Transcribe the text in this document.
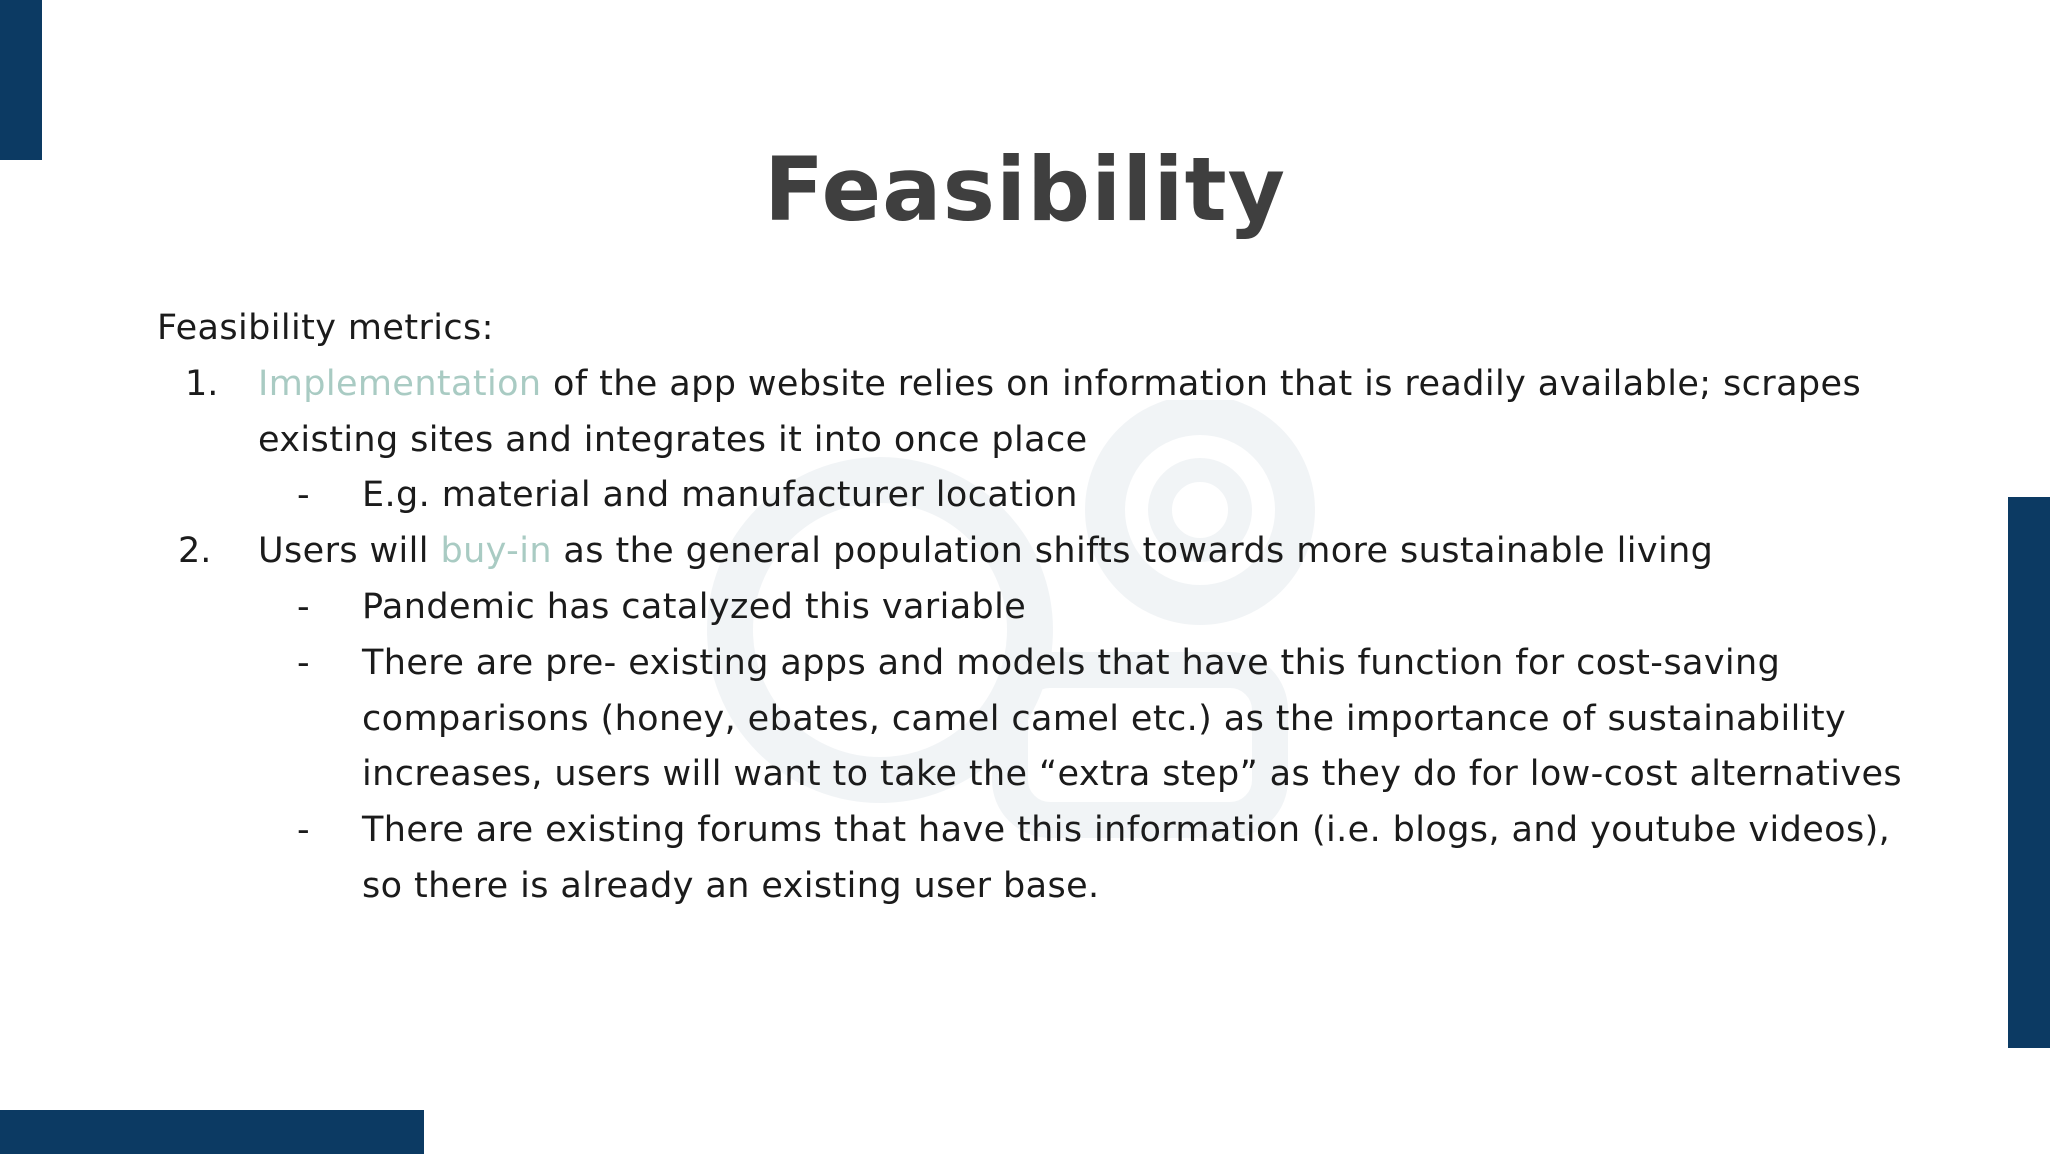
Feasibility
Feasibility metrics:
1. Implementation of the app website relies on information that is readily available; scrapes
existing sites and integrates it into once place
- E.g. material and manufacturer location
2. Users will buy-in as the general population shifts towards more sustainable living
- Pandemic has catalyzed this variable
- There are pre- existing apps and models that have this function for cost-saving
comparisons (honey, ebates, camel camel etc.) as the importance of sustainability
increases, users will want to take the “extra step” as they do for low-cost alternatives
- There are existing forums that have this information (i.e. blogs, and youtube videos),
so there is already an existing user base.
